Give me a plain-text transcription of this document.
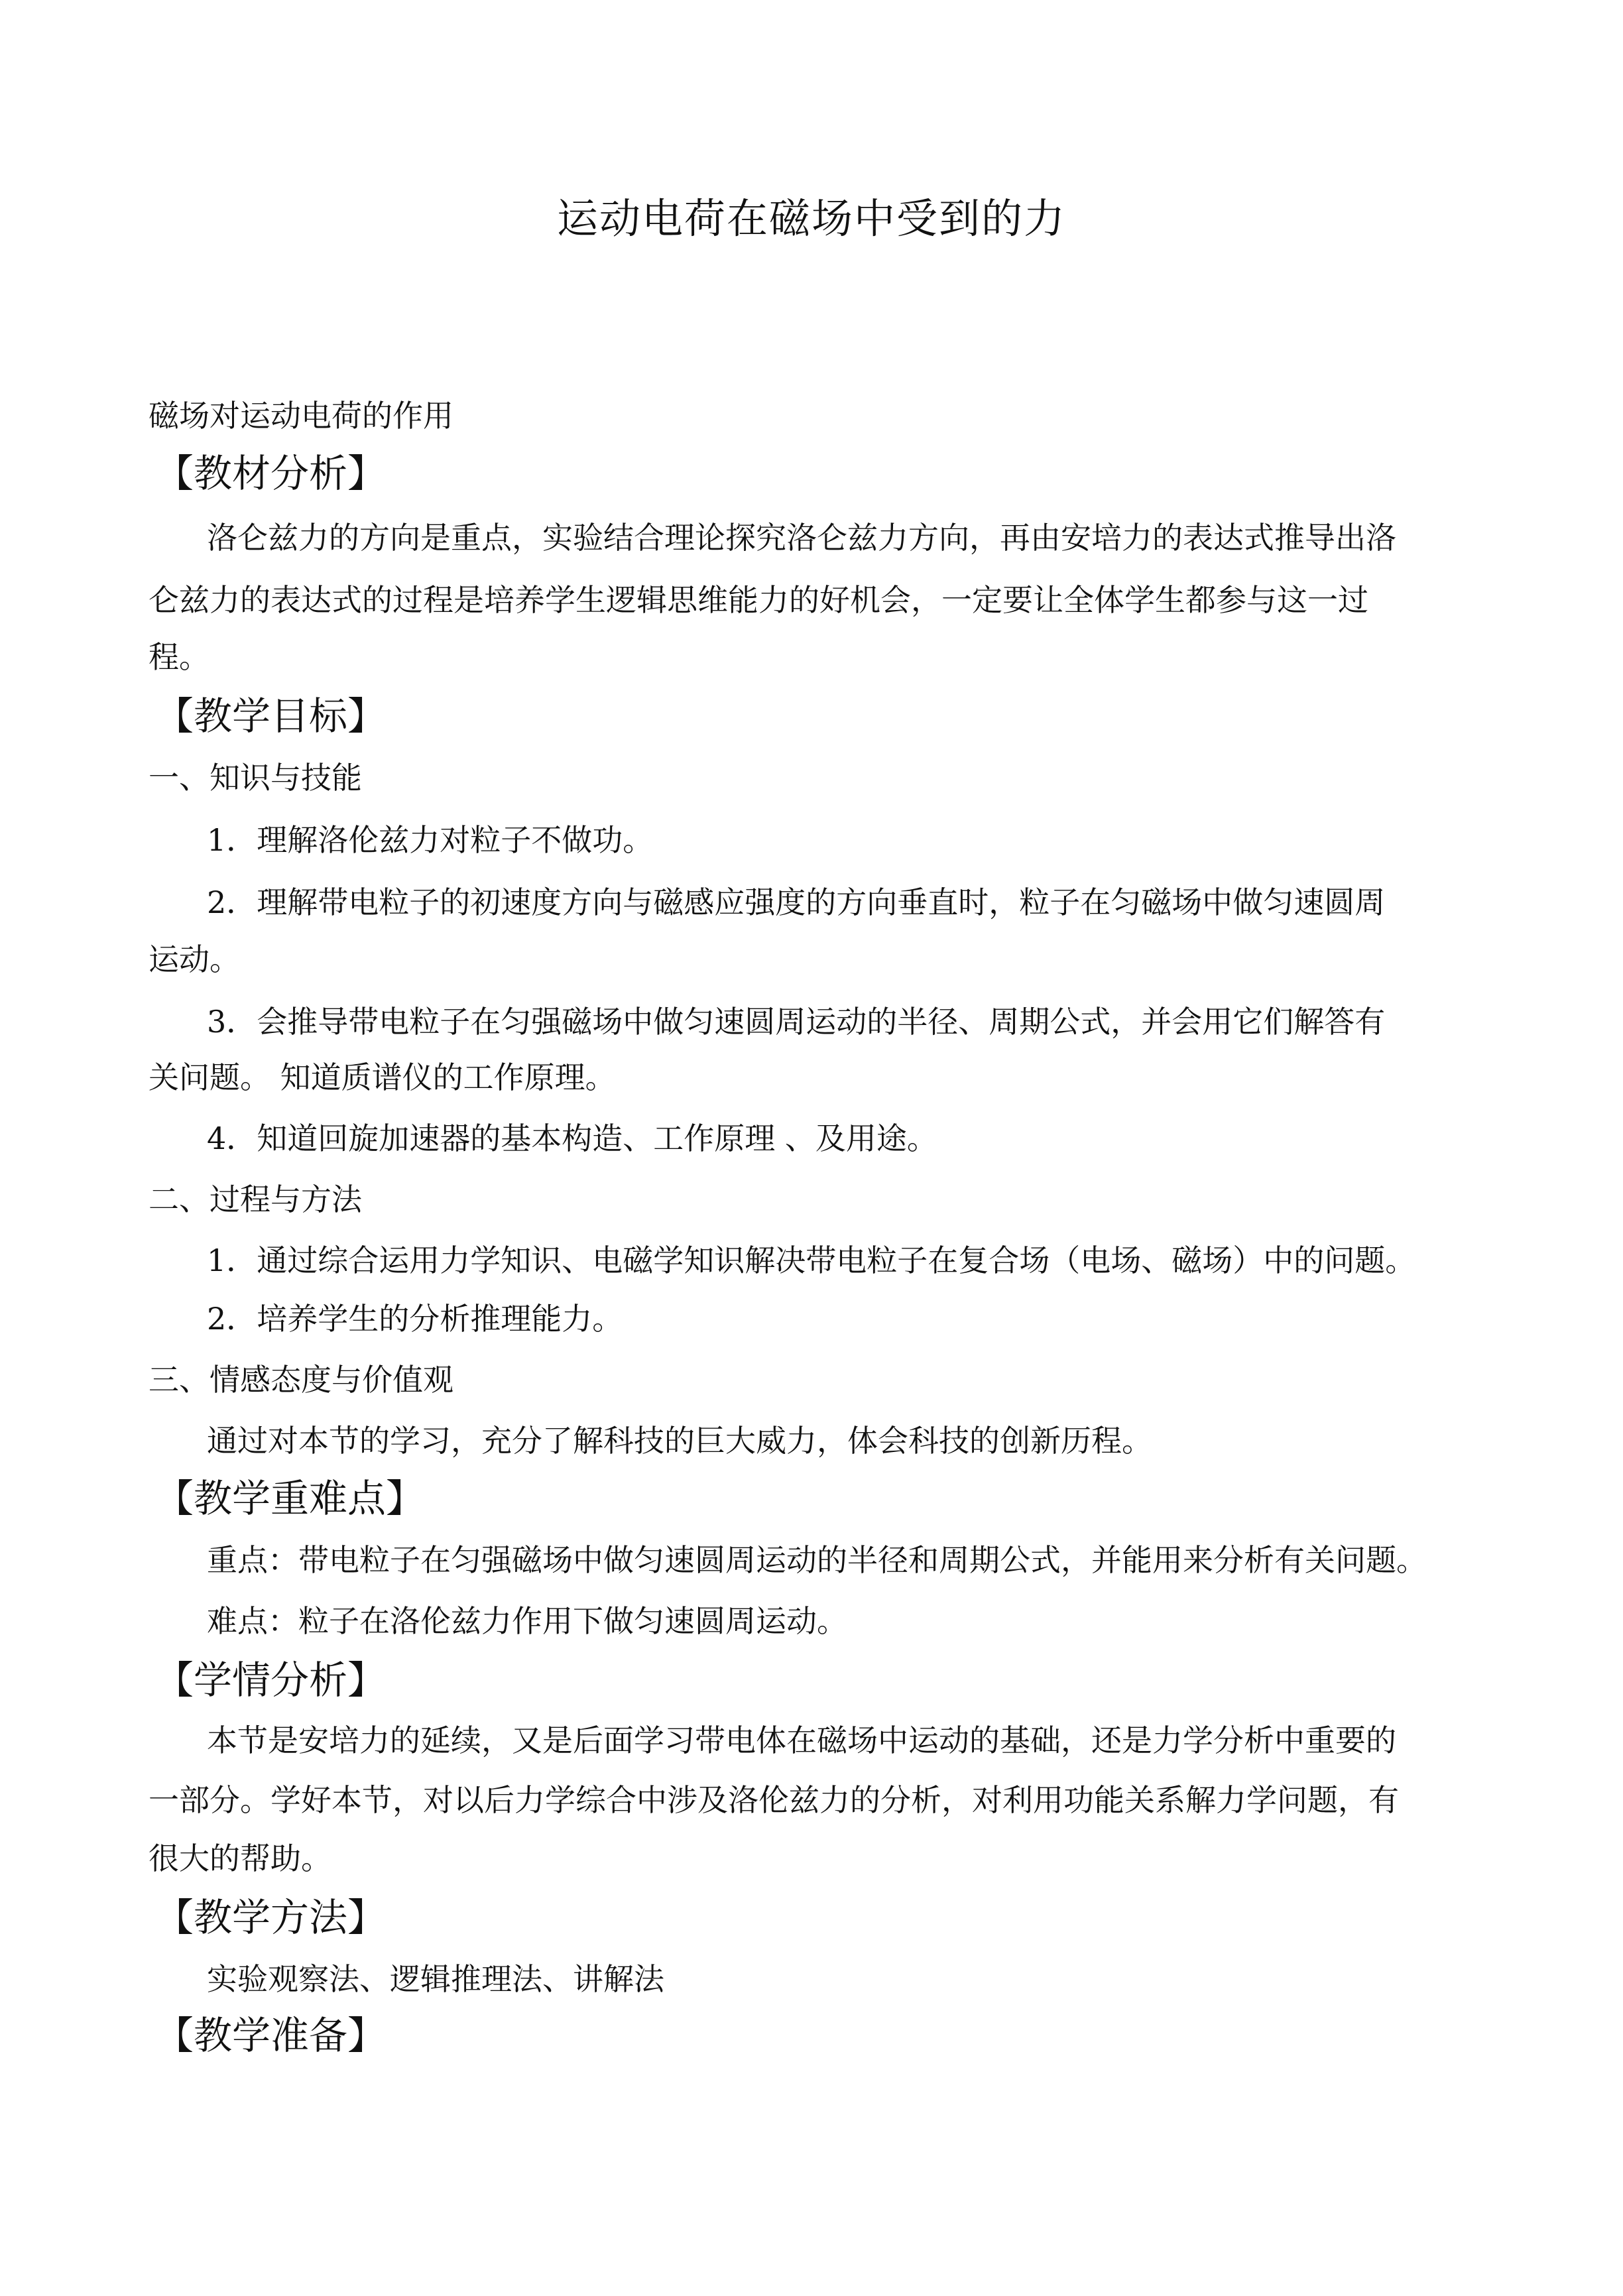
运动电荷在磁场中受到的力
磁场对运动电荷的作用
【教材分析】
洛仑兹力的方向是重点，实验结合理论探究洛仑兹力方向，再由安培力的表达式推导出洛
仑兹力的表达式的过程是培养学生逻辑思维能力的好机会，一定要让全体学生都参与这一过
程。
【教学目标】
一、知识与技能
1．理解洛伦兹力对粒子不做功。
2．理解带电粒子的初速度方向与磁感应强度的方向垂直时，粒子在匀磁场中做匀速圆周
运动。
3．会推导带电粒子在匀强磁场中做匀速圆周运动的半径、周期公式，并会用它们解答有
关问题。 知道质谱仪的工作原理。
4．知道回旋加速器的基本构造、工作原理 、及用途。
二、过程与方法
1．通过综合运用力学知识、电磁学知识解决带电粒子在复合场（电场、磁场）中的问题。
2．培养学生的分析推理能力。
三、情感态度与价值观
通过对本节的学习，充分了解科技的巨大威力，体会科技的创新历程。
【教学重难点】
重点：带电粒子在匀强磁场中做匀速圆周运动的半径和周期公式，并能用来分析有关问题。
难点：粒子在洛伦兹力作用下做匀速圆周运动。
【学情分析】
本节是安培力的延续，又是后面学习带电体在磁场中运动的基础，还是力学分析中重要的
一部分。学好本节，对以后力学综合中涉及洛伦兹力的分析，对利用功能关系解力学问题，有
很大的帮助。
【教学方法】
实验观察法、逻辑推理法、讲解法
【教学准备】
